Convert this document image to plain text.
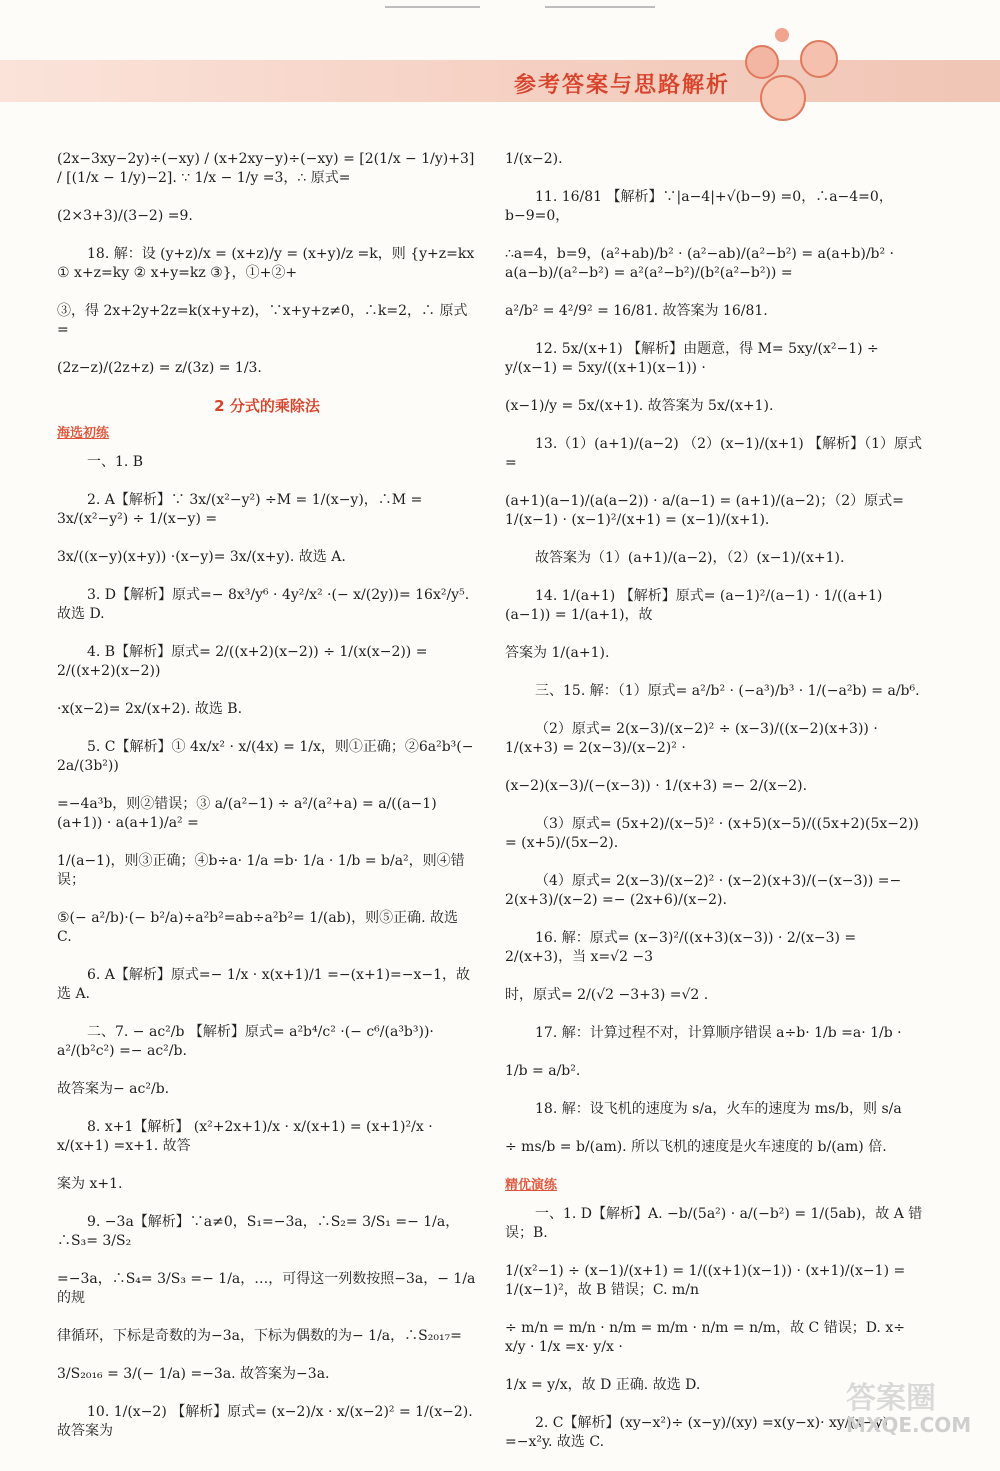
参考答案与思路解析
(2x−3xy−2y)÷(−xy) / (x+2xy−y)÷(−xy) = [2(1/x − 1/y)+3] / [(1/x − 1/y)−2]. ∵ 1/x − 1/y =3，∴ 原式=
(2×3+3)/(3−2) =9.
18. 解：设 (y+z)/x = (x+z)/y = (x+y)/z =k，则 {y+z=kx ① x+z=ky ② x+y=kz ③}，①+②+
③，得 2x+2y+2z=k(x+y+z)，∵x+y+z≠0，∴k=2，∴ 原式=
(2z−z)/(2z+z) = z/(3z) = 1/3.
2 分式的乘除法
海选初练
一、1. B
2. A【解析】∵ 3x/(x²−y²) ÷M = 1/(x−y)，∴M = 3x/(x²−y²) ÷ 1/(x−y) =
3x/((x−y)(x+y)) ·(x−y)= 3x/(x+y). 故选 A.
3. D【解析】原式=− 8x³/y⁶ · 4y²/x² ·(− x/(2y))= 16x²/y⁵. 故选 D.
4. B【解析】原式= 2/((x+2)(x−2)) ÷ 1/(x(x−2)) = 2/((x+2)(x−2))
·x(x−2)= 2x/(x+2). 故选 B.
5. C【解析】① 4x/x² · x/(4x) = 1/x，则①正确；②6a²b³(− 2a/(3b²))
=−4a³b，则②错误；③ a/(a²−1) ÷ a²/(a²+a) = a/((a−1)(a+1)) · a(a+1)/a² =
1/(a−1)，则③正确；④b÷a· 1/a =b· 1/a · 1/b = b/a²，则④错误；
⑤(− a²/b)·(− b²/a)÷a²b²=ab÷a²b²= 1/(ab)，则⑤正确. 故选 C.
6. A【解析】原式=− 1/x · x(x+1)/1 =−(x+1)=−x−1，故选 A.
二、7. − ac²/b 【解析】原式= a²b⁴/c² ·(− c⁶/(a³b³))· a²/(b²c²) =− ac²/b.
故答案为− ac²/b.
8. x+1【解析】 (x²+2x+1)/x · x/(x+1) = (x+1)²/x · x/(x+1) =x+1. 故答
案为 x+1.
9. −3a【解析】∵a≠0，S₁=−3a，∴S₂= 3/S₁ =− 1/a，∴S₃= 3/S₂
=−3a，∴S₄= 3/S₃ =− 1/a，…，可得这一列数按照−3a，− 1/a 的规
律循环，下标是奇数的为−3a，下标为偶数的为− 1/a，∴S₂₀₁₇=
3/S₂₀₁₆ = 3/(− 1/a) =−3a. 故答案为−3a.
10. 1/(x−2) 【解析】原式= (x−2)/x · x/(x−2)² = 1/(x−2). 故答案为
1/(x−2).
11. 16/81 【解析】∵|a−4|+√(b−9) =0，∴a−4=0，b−9=0，
∴a=4，b=9，(a²+ab)/b² · (a²−ab)/(a²−b²) = a(a+b)/b² · a(a−b)/(a²−b²) = a²(a²−b²)/(b²(a²−b²)) =
a²/b² = 4²/9² = 16/81. 故答案为 16/81.
12. 5x/(x+1) 【解析】由题意，得 M= 5xy/(x²−1) ÷ y/(x−1) = 5xy/((x+1)(x−1)) ·
(x−1)/y = 5x/(x+1). 故答案为 5x/(x+1).
13.（1）(a+1)/(a−2) （2）(x−1)/(x+1) 【解析】（1）原式=
(a+1)(a−1)/(a(a−2)) · a/(a−1) = (a+1)/(a−2)；（2）原式= 1/(x−1) · (x−1)²/(x+1) = (x−1)/(x+1).
故答案为（1）(a+1)/(a−2)，（2）(x−1)/(x+1).
14. 1/(a+1) 【解析】原式= (a−1)²/(a−1) · 1/((a+1)(a−1)) = 1/(a+1)，故
答案为 1/(a+1).
三、15. 解：（1）原式= a²/b² · (−a³)/b³ · 1/(−a²b) = a/b⁶.
（2）原式= 2(x−3)/(x−2)² ÷ (x−3)/((x−2)(x+3)) · 1/(x+3) = 2(x−3)/(x−2)² ·
(x−2)(x−3)/(−(x−3)) · 1/(x+3) =− 2/(x−2).
（3）原式= (5x+2)/(x−5)² · (x+5)(x−5)/((5x+2)(5x−2)) = (x+5)/(5x−2).
（4）原式= 2(x−3)/(x−2)² · (x−2)(x+3)/(−(x−3)) =− 2(x+3)/(x−2) =− (2x+6)/(x−2).
16. 解：原式= (x−3)²/((x+3)(x−3)) · 2/(x−3) = 2/(x+3)，当 x=√2 −3
时，原式= 2/(√2 −3+3) =√2 .
17. 解：计算过程不对，计算顺序错误 a÷b· 1/b =a· 1/b ·
1/b = a/b².
18. 解：设飞机的速度为 s/a，火车的速度为 ms/b，则 s/a
÷ ms/b = b/(am). 所以飞机的速度是火车速度的 b/(am) 倍.
精优演练
一、1. D【解析】A. −b/(5a²) · a/(−b²) = 1/(5ab)，故 A 错误；B.
1/(x²−1) ÷ (x−1)/(x+1) = 1/((x+1)(x−1)) · (x+1)/(x−1) = 1/(x−1)²，故 B 错误；C. m/n
÷ m/n = m/n · n/m = m/m · n/m = n/m，故 C 错误；D. x÷ x/y · 1/x =x· y/x ·
1/x = y/x，故 D 正确. 故选 D.
2. C【解析】(xy−x²)÷ (x−y)/(xy) =x(y−x)· xy/(x−y) =−x²y. 故选 C.
答案圈
MXQE.COM
